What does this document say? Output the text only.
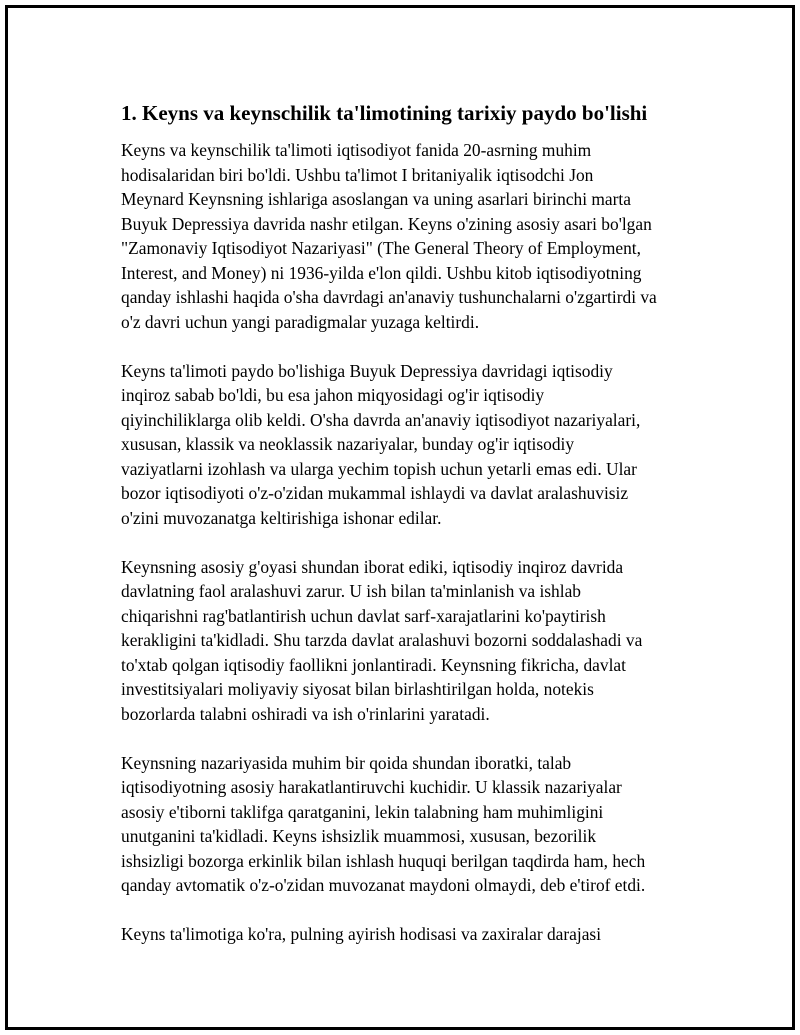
1. Keyns va keynschilik ta'limotining tarixiy paydo bo'lishi

Keyns va keynschilik ta'limoti iqtisodiyot fanida 20-asrning muhim
hodisalaridan biri bo'ldi. Ushbu ta'limot I britaniyalik iqtisodchi Jon
Meynard Keynsning ishlariga asoslangan va uning asarlari birinchi marta
Buyuk Depressiya davrida nashr etilgan. Keyns o'zining asosiy asari bo'lgan
"Zamonaviy Iqtisodiyot Nazariyasi" (The General Theory of Employment,
Interest, and Money) ni 1936-yilda e'lon qildi. Ushbu kitob iqtisodiyotning
qanday ishlashi haqida o'sha davrdagi an'anaviy tushunchalarni o'zgartirdi va
o'z davri uchun yangi paradigmalar yuzaga keltirdi.

Keyns ta'limoti paydo bo'lishiga Buyuk Depressiya davridagi iqtisodiy
inqiroz sabab bo'ldi, bu esa jahon miqyosidagi og'ir iqtisodiy
qiyinchiliklarga olib keldi. O'sha davrda an'anaviy iqtisodiyot nazariyalari,
xususan, klassik va neoklassik nazariyalar, bunday og'ir iqtisodiy
vaziyatlarni izohlash va ularga yechim topish uchun yetarli emas edi. Ular
bozor iqtisodiyoti o'z-o'zidan mukammal ishlaydi va davlat aralashuvisiz
o'zini muvozanatga keltirishiga ishonar edilar.

Keynsning asosiy g'oyasi shundan iborat ediki, iqtisodiy inqiroz davrida
davlatning faol aralashuvi zarur. U ish bilan ta'minlanish va ishlab
chiqarishni rag'batlantirish uchun davlat sarf-xarajatlarini ko'paytirish
kerakligini ta'kidladi. Shu tarzda davlat aralashuvi bozorni soddalashadi va
to'xtab qolgan iqtisodiy faollikni jonlantiradi. Keynsning fikricha, davlat
investitsiyalari moliyaviy siyosat bilan birlashtirilgan holda, notekis
bozorlarda talabni oshiradi va ish o'rinlarini yaratadi.

Keynsning nazariyasida muhim bir qoida shundan iboratki, talab
iqtisodiyotning asosiy harakatlantiruvchi kuchidir. U klassik nazariyalar
asosiy e'tiborni taklifga qaratganini, lekin talabning ham muhimligini
unutganini ta'kidladi. Keyns ishsizlik muammosi, xususan, bezorilik
ishsizligi bozorga erkinlik bilan ishlash huquqi berilgan taqdirda ham, hech
qanday avtomatik o'z-o'zidan muvozanat maydoni olmaydi, deb e'tirof etdi.

Keyns ta'limotiga ko'ra, pulning ayirish hodisasi va zaxiralar darajasi
